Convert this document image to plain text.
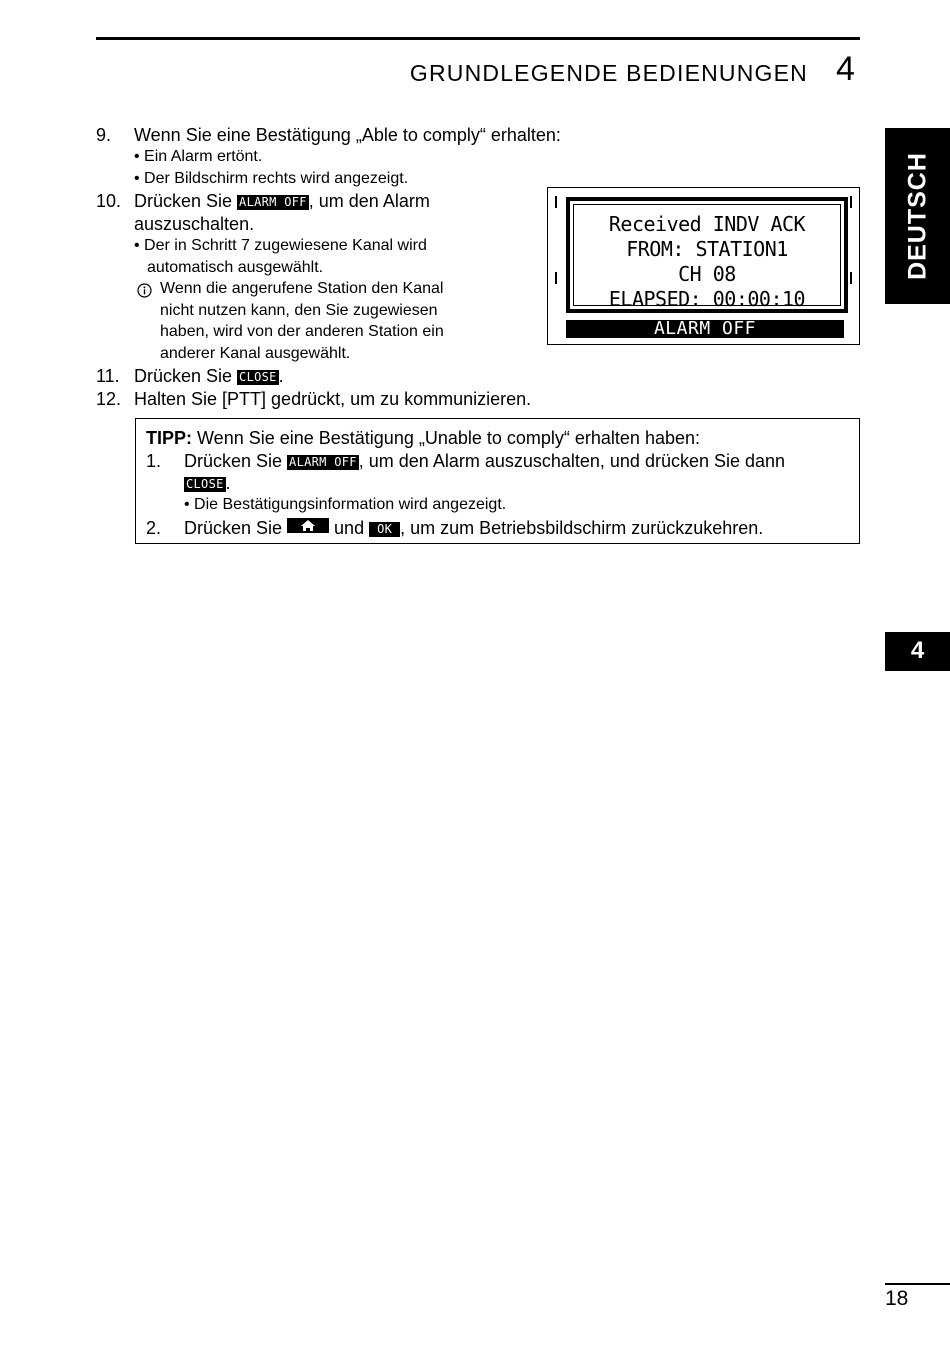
GRUNDLEGENDE BEDIENUNGEN 4
DEUTSCH
4
9. Wenn Sie eine Bestätigung „Able to comply“ erhalten:
• Ein Alarm ertönt.
• Der Bildschirm rechts wird angezeigt.
10. Drücken Sie ALARM OFF , um den Alarm
auszuschalten.
• Der in Schritt 7 zugewiesene Kanal wird
automatisch ausgewählt.
Wenn die angerufene Station den Kanal
nicht nutzen kann, den Sie zugewiesen
haben, wird von der anderen Station ein
anderer Kanal ausgewählt.
11. Drücken Sie CLOSE .
12. Halten Sie [PTT] gedrückt, um zu kommunizieren.
Received INDV ACK
FROM: STATION1
CH 08
ELAPSED: 00:00:10
ALARM OFF
TIPP: Wenn Sie eine Bestätigung „Unable to comply“ erhalten haben:
1. Drücken Sie ALARM OFF , um den Alarm auszuschalten, und drücken Sie dann
CLOSE .
• Die Bestätigungsinformation wird angezeigt.
2. Drücken Sie
und OK , um zum Betriebsbildschirm zurückzukehren.
18
